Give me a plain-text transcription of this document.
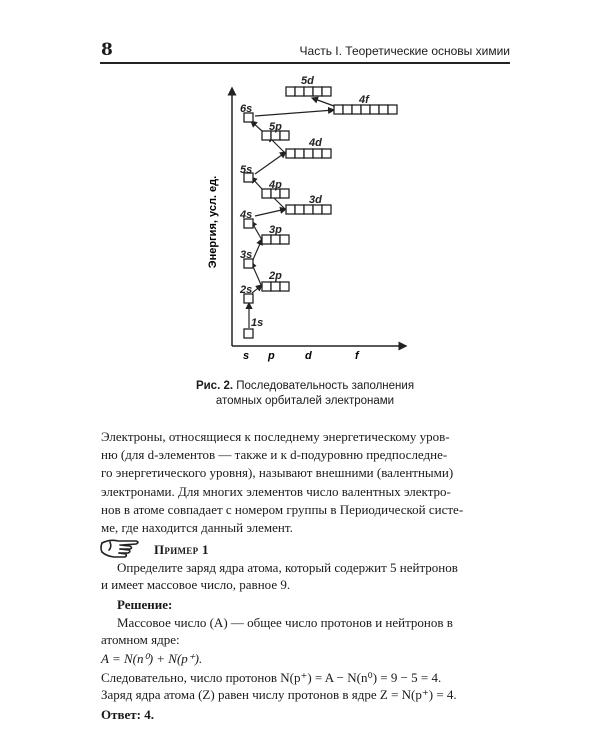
8	Часть I. Теоретические основы химии
Энергия, усл. ед.
s p	d	f
1s
2s
2p
3s
3p
4s
3d
4p
5s
4d
5p
6s
4f
5d
Рис. 2. Последовательность заполнения
атомных орбиталей электронами
Электроны, относящиеся к последнему энергетическому уров-
ню (для d-элементов — также и к d-подуровню предпоследне-
го энергетического уровня), называют внешними (валентными)
электронами. Для многих элементов число валентных электро-
нов в атоме совпадает с номером группы в Периодической систе-
ме, где находится данный элемент.
Пример 1
Определите заряд ядра атома, который содержит 5 нейтронов
и имеет массовое число, равное 9.
Решение:
Массовое число (A) — общее число протонов и нейтронов в
атомном ядре:
A = N(n⁰) + N(p⁺).
Следовательно, число протонов N(p⁺) = A − N(n⁰) = 9 − 5 = 4.
Заряд ядра атома (Z) равен числу протонов в ядре Z = N(p⁺) = 4.
Ответ: 4.
